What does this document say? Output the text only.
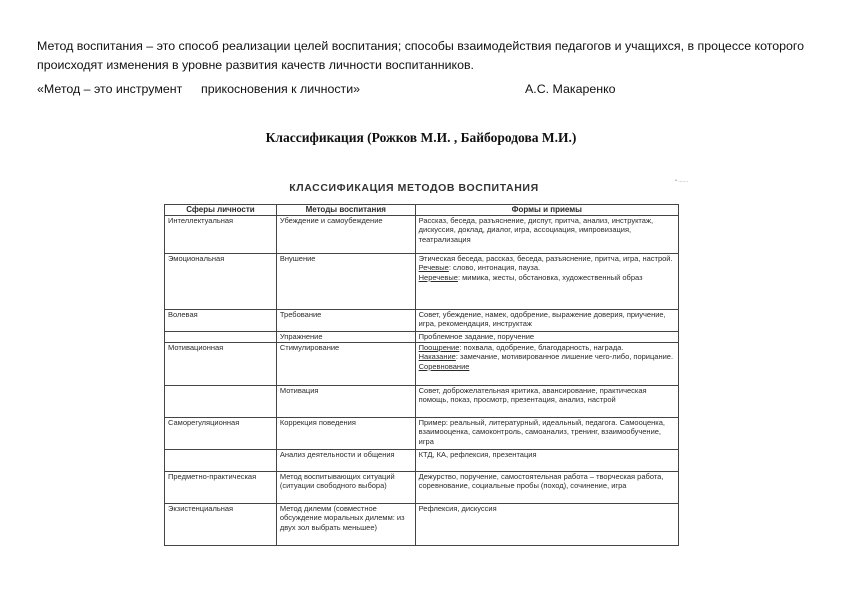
Метод воспитания – это способ реализации целей воспитания; способы взаимодействия педагогов и учащихся, в процессе которого происходят изменения в уровне развития качеств личности воспитанников.

«Метод – это инструмент прикосновения к личности»	А.С. Макаренко
Классификация (Рожков М.И. , Байбородова М.И.)
• .......
КЛАССИФИКАЦИЯ МЕТОДОВ ВОСПИТАНИЯ
Сферы личности	Методы воспитания	Формы и приемы
Интеллектуальная	Убеждение и самоубеждение	Рассказ, беседа, разъяснение, диспут, притча, анализ, инструктаж, дискуссия, доклад, диалог, игра, ассоциация, импровизация, театрализация
Эмоциональная	Внушение	Этическая беседа, рассказ, беседа, разъяснение, притча, игра, настрой.
Речевые: слово, интонация, пауза.
Неречевые: мимика, жесты, обстановка, художественный образ
Волевая	Требование	Совет, убеждение, намек, одобрение, выражение доверия, приучение, игра, рекомендация, инструктаж
	Упражнение	Проблемное задание, поручение
Мотивационная	Стимулирование	Поощрение: похвала, одобрение, благодарность, награда.
Наказание: замечание, мотивированное лишение чего-либо, порицание.
Соревнование
	Мотивация	Совет, доброжелательная критика, авансирование, практическая помощь, показ, просмотр, презентация, анализ, настрой
Саморегуляционная	Коррекция поведения	Пример: реальный, литературный, идеальный, педагога. Самооценка, взаимооценка, самоконтроль, самоанализ, тренинг, взаимообучение, игра
	Анализ деятельности и общения	КТД, КА, рефлексия, презентация
Предметно-практическая	Метод воспитывающих ситуаций (ситуации свободного выбора)	Дежурство, поручение, самостоятельная работа – творческая работа, соревнование, социальные пробы (поход), сочинение, игра
Экзистенциальная	Метод дилемм (совместное обсуждение моральных дилемм: из двух зол выбрать меньшее)	Рефлексия, дискуссия
